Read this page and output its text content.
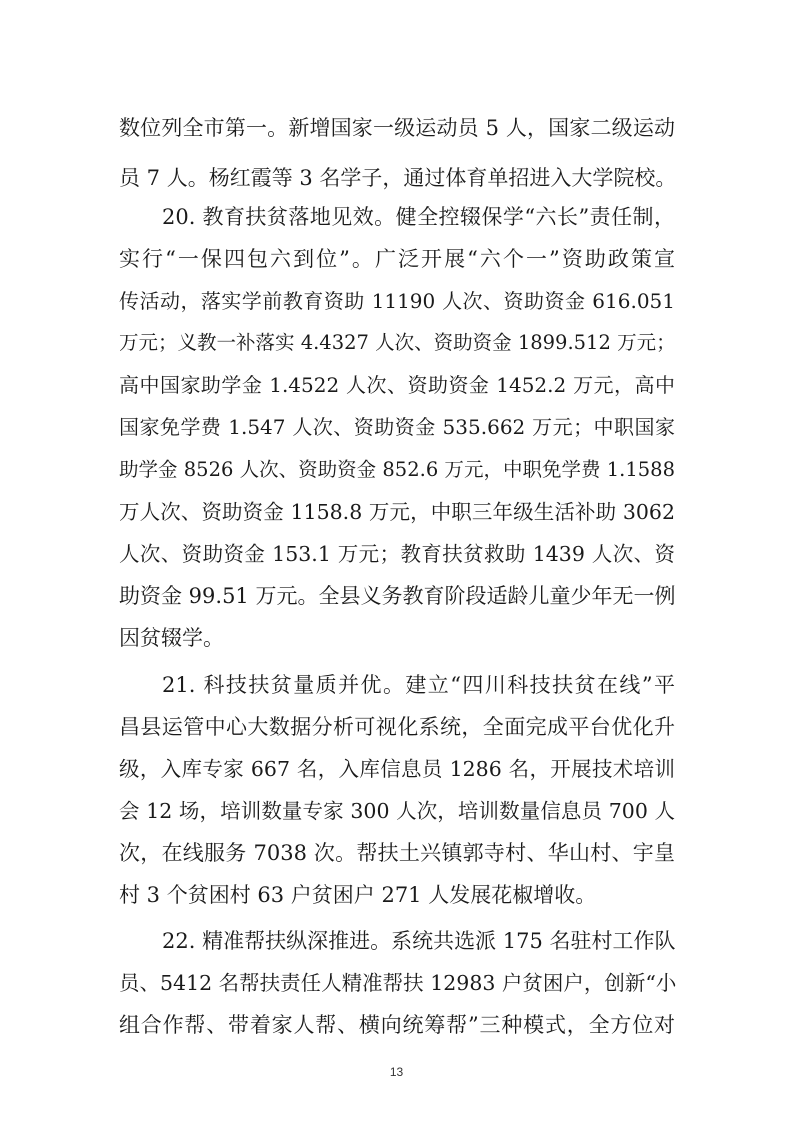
数位列全市第一。新增国家一级运动员 5 人，国家二级运动
员 7 人。杨红霞等 3 名学子，通过体育单招进入大学院校。
20. 教育扶贫落地见效。健全控辍保学“六长”责任制，
实行“一保四包六到位”。广泛开展“六个一”资助政策宣
传活动，落实学前教育资助 11190 人次、资助资金 616.051
万元；义教一补落实 4.4327 人次、资助资金 1899.512 万元；
高中国家助学金 1.4522 人次、资助资金 1452.2 万元，高中
国家免学费 1.547 人次、资助资金 535.662 万元；中职国家
助学金 8526 人次、资助资金 852.6 万元，中职免学费 1.1588
万人次、资助资金 1158.8 万元，中职三年级生活补助 3062
人次、资助资金 153.1 万元；教育扶贫救助 1439 人次、资
助资金 99.51 万元。全县义务教育阶段适龄儿童少年无一例
因贫辍学。
21. 科技扶贫量质并优。建立“四川科技扶贫在线”平
昌县运管中心大数据分析可视化系统，全面完成平台优化升
级，入库专家 667 名，入库信息员 1286 名，开展技术培训
会 12 场，培训数量专家 300 人次，培训数量信息员 700 人
次，在线服务 7038 次。帮扶土兴镇郭寺村、华山村、宇皇
村 3 个贫困村 63 户贫困户 271 人发展花椒增收。
22. 精准帮扶纵深推进。系统共选派 175 名驻村工作队
员、5412 名帮扶责任人精准帮扶 12983 户贫困户，创新“小
组合作帮、带着家人帮、横向统筹帮”三种模式，全方位对
13
